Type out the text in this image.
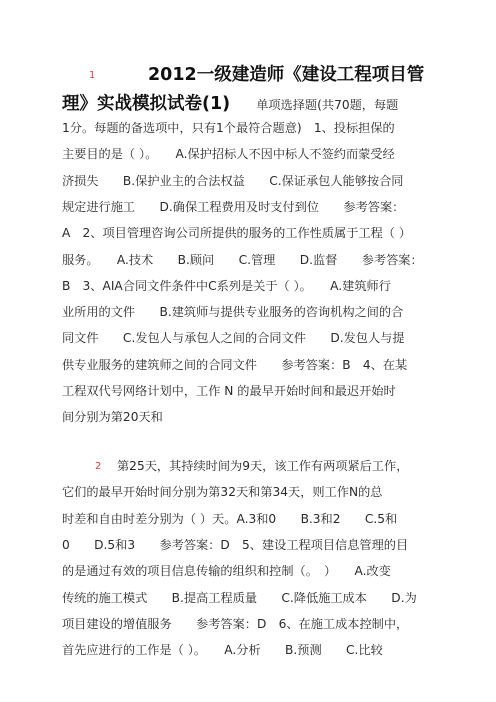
1	2012一级建造师《建设工程项目管
理》实战模拟试卷(1) 单项选择题(共70题，每题
1分。每题的备选项中，只有1个最符合题意)　1、投标担保的
主要目的是（ ）。　　A.保护招标人不因中标人不签约而蒙受经
济损失　　B.保护业主的合法权益　　C.保证承包人能够按合同
规定进行施工　　D.确保工程费用及时支付到位　　参考答案：
A　2、项目管理咨询公司所提供的服务的工作性质属于工程（ ）
服务。　　A.技术　　B.顾问　　C.管理　　D.监督　　参考答案：
B　3、AIA合同文件条件中C系列是关于（ ）。　　A.建筑师行
业所用的文件　　B.建筑师与提供专业服务的咨询机构之间的合
同文件　　C.发包人与承包人之间的合同文件　　D.发包人与提
供专业服务的建筑师之间的合同文件　　参考答案：B　4、在某
工程双代号网络计划中，工作 N 的最早开始时间和最迟开始时
间分别为第20天和
2 第25天，其持续时间为9天，该工作有两项紧后工作，
它们的最早开始时间分别为第32天和第34天，则工作N的总
时差和自由时差分别为（ ）天。A.3和0　　B.3和2　　C.5和
0　　D.5和3　　参考答案：D　5、建设工程项目信息管理的目
的是通过有效的项目信息传输的组织和控制（。　）　　A.改变
传统的施工模式　　B.提高工程质量　　C.降低施工成本　　D.为
项目建设的增值服务　　参考答案：D　6、在施工成本控制中，
首先应进行的工作是（ ）。　　A.分析　　B.预测　　C.比较
